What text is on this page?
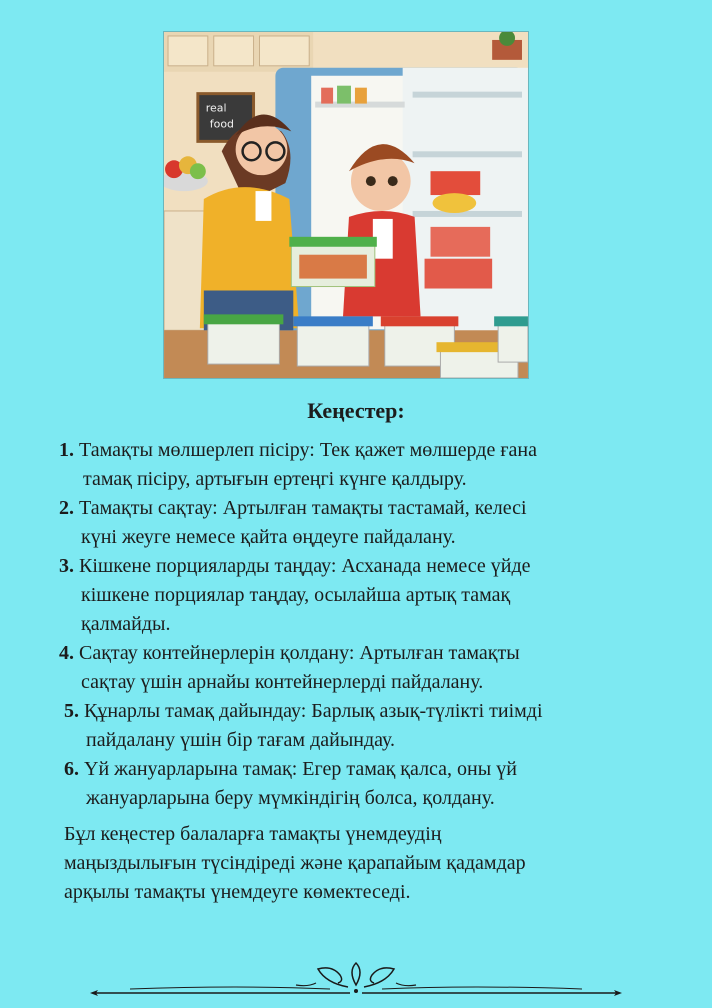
real
food
Кеңестер:
1. Тамақты мөлшерлеп пісіру: Тек қажет мөлшерде ғана
тамақ пісіру, артығын ертеңгі күнге қалдыру.
2. Тамақты сақтау: Артылған тамақты тастамай, келесі
күні жеуге немесе қайта өңдеуге пайдалану.
3. Кішкене порцияларды таңдау: Асханада немесе үйде
кішкене порциялар таңдау, осылайша артық тамақ
қалмайды.
4. Сақтау контейнерлерін қолдану: Артылған тамақты
сақтау үшін арнайы контейнерлерді пайдалану.
5. Құнарлы тамақ дайындау: Барлық азық-түлікті тиімді
пайдалану үшін бір тағам дайындау.
6. Үй жануарларына тамақ: Егер тамақ қалса, оны үй
жануарларына беру мүмкіндігің болса, қолдану.
Бұл кеңестер балаларға тамақты үнемдеудің
маңыздылығын түсіндіреді және қарапайым қадамдар
арқылы тамақты үнемдеуге көмектеседі.
